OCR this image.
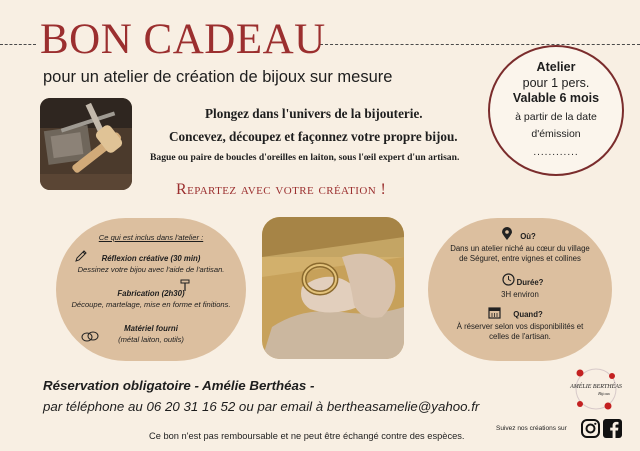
BON CADEAU
pour un atelier de création de bijoux sur mesure
Atelier
pour 1 pers.
Valable 6 mois
à partir de la date
d'émission
............
Plongez dans l'univers de la bijouterie.
Concevez, découpez et façonnez votre propre bijou.
Bague ou paire de boucles d'oreilles en laiton, sous l'œil expert d'un artisan.
Repartez avec votre création !
Ce qui est inclus dans l'atelier :
Réflexion créative (30 min)
Dessinez votre bijou avec l'aide de l'artisan.
Fabrication (2h30)
Découpe, martelage, mise en forme et finitions.
Matériel fourni
(métal laiton, outils)
Où?
Dans un atelier niché au cœur du village
de Séguret, entre vignes et collines
Durée?
3H environ
Quand?
À réserver selon vos disponibilités et
celles de l'artisan.
Réservation obligatoire - Amélie Berthéas -
par téléphone au 06 20 31 16 52 ou par email à bertheasamelie@yahoo.fr
AMÉLIE BERTHÉAS
Bijoux
Ce bon n'est pas remboursable et ne peut être échangé contre des espèces.
Suivez nos créations sur
